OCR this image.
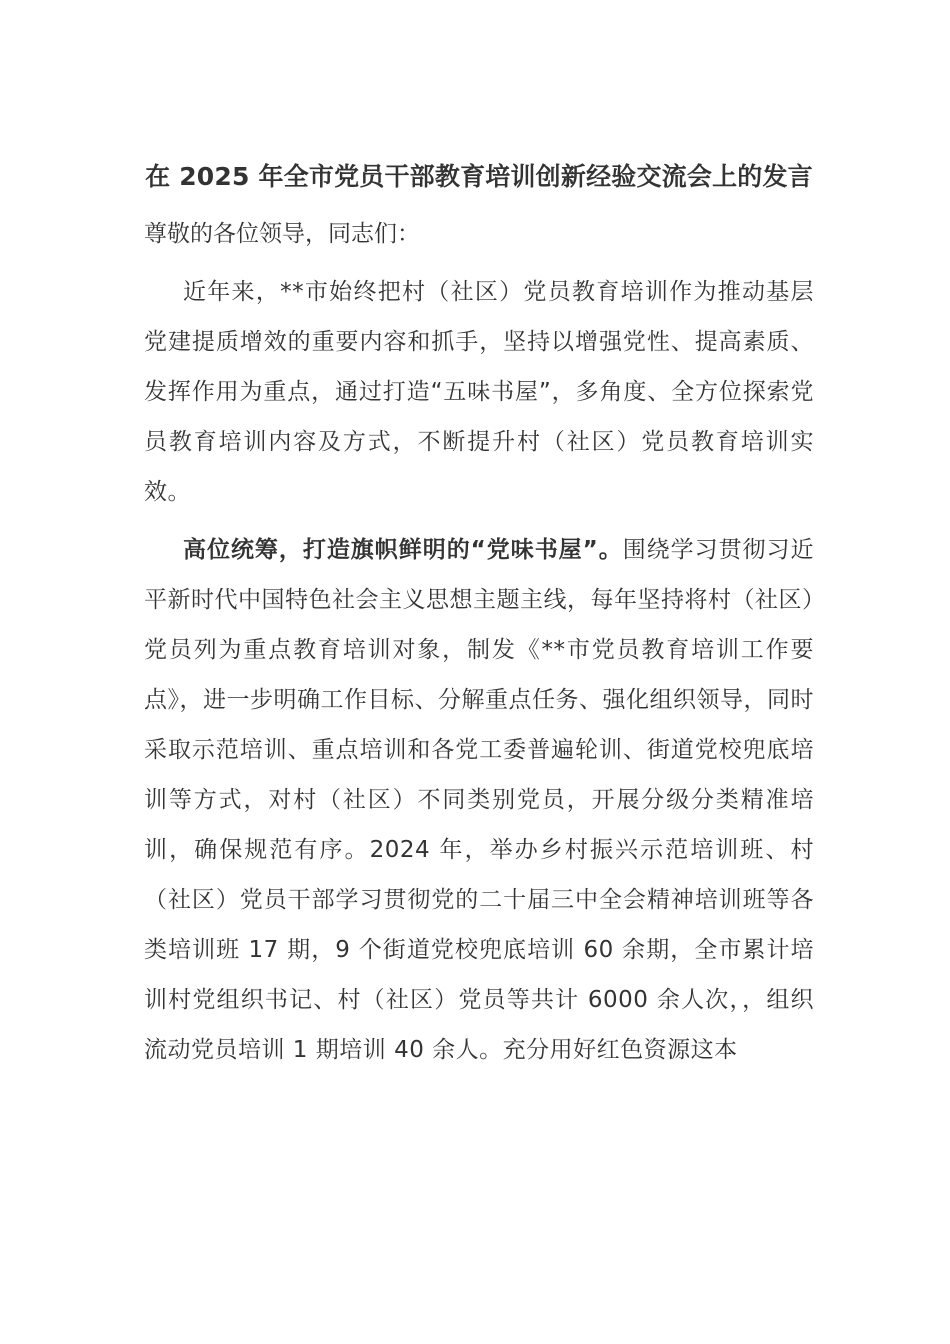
在 2025 年全市党员干部教育培训创新经验交流会上的发言

尊敬的各位领导，同志们：

近年来，**市始终把村（社区）党员教育培训作为推动基层党建提质增效的重要内容和抓手，坚持以增强党性、提高素质、发挥作用为重点，通过打造“五味书屋”，多角度、全方位探索党员教育培训内容及方式，不断提升村（社区）党员教育培训实效。

高位统筹，打造旗帜鲜明的“党味书屋”。围绕学习贯彻习近平新时代中国特色社会主义思想主题主线，每年坚持将村（社区）党员列为重点教育培训对象，制发《**市党员教育培训工作要点》，进一步明确工作目标、分解重点任务、强化组织领导，同时采取示范培训、重点培训和各党工委普遍轮训、街道党校兜底培训等方式，对村（社区）不同类别党员，开展分级分类精准培训，确保规范有序。2024 年，举办乡村振兴示范培训班、村（社区）党员干部学习贯彻党的二十届三中全会精神培训班等各类培训班 17 期，9 个街道党校兜底培训 60 余期，全市累计培训村党组织书记、村（社区）党员等共计 6000 余人次，，组织流动党员培训 1 期培训 40 余人。充分用好红色资源这本
